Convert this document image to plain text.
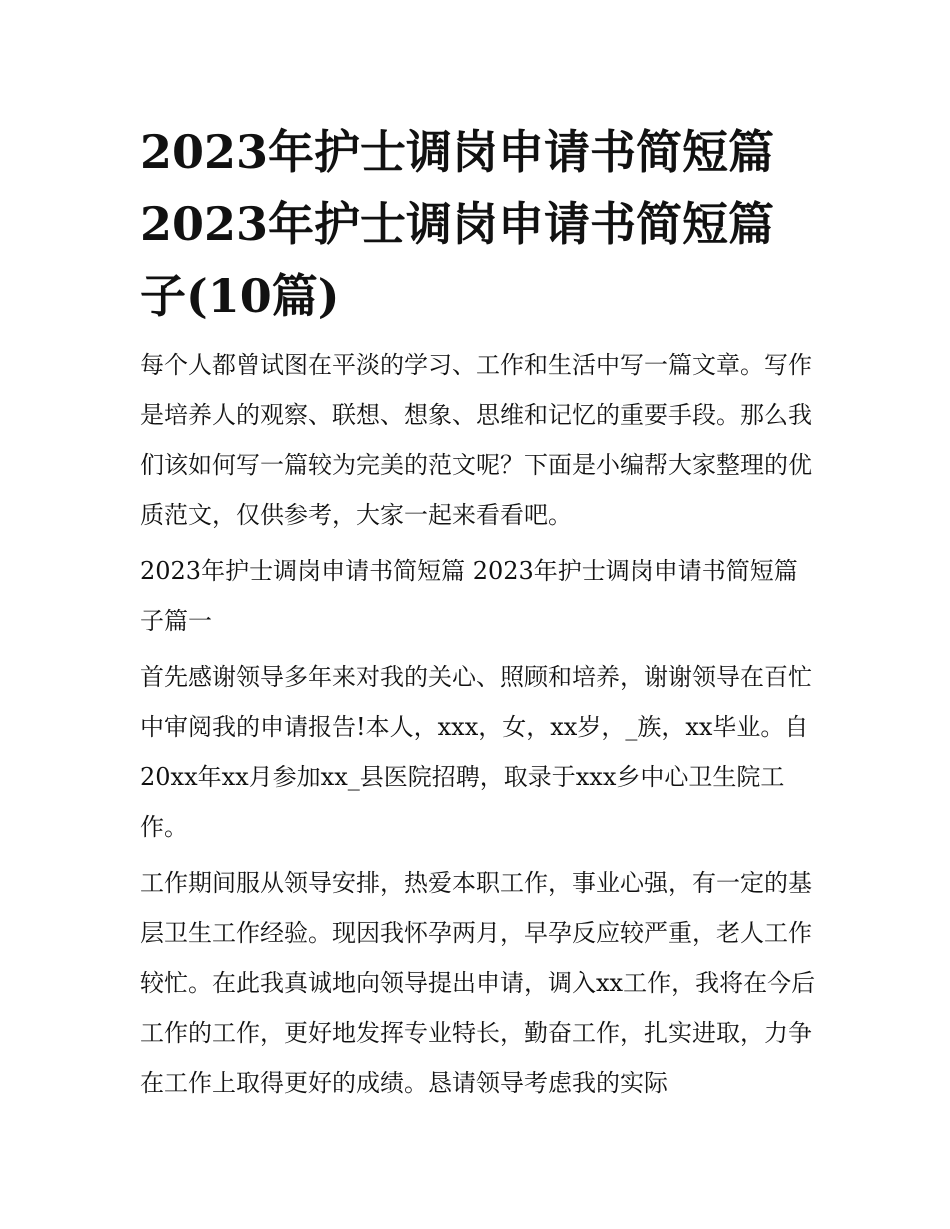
2023年护士调岗申请书简短篇 2023年护士调岗申请书简短篇子(10篇)

每个人都曾试图在平淡的学习、工作和生活中写一篇文章。写作是培养人的观察、联想、想象、思维和记忆的重要手段。那么我们该如何写一篇较为完美的范文呢？下面是小编帮大家整理的优质范文，仅供参考，大家一起来看看吧。

2023年护士调岗申请书简短篇 2023年护士调岗申请书简短篇子篇一

首先感谢领导多年来对我的关心、照顾和培养，谢谢领导在百忙中审阅我的申请报告!本人，xxx，女，xx岁，_族，xx毕业。自20xx年xx月参加xx_县医院招聘，取录于xxx乡中心卫生院工作。

工作期间服从领导安排，热爱本职工作，事业心强，有一定的基层卫生工作经验。现因我怀孕两月，早孕反应较严重，老人工作较忙。在此我真诚地向领导提出申请，调入xx工作，我将在今后工作的工作，更好地发挥专业特长，勤奋工作，扎实进取，力争在工作上取得更好的成绩。恳请领导考虑我的实际
